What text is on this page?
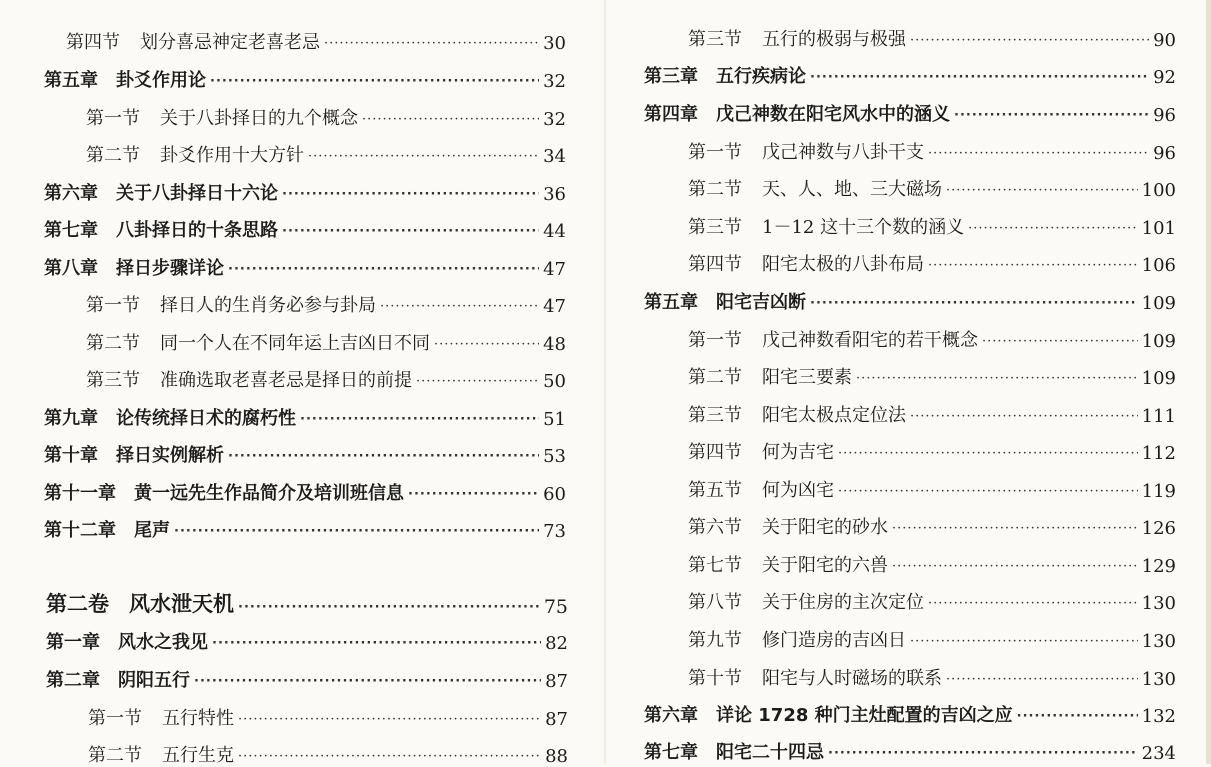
第四节 划分喜忌神定老喜老忌 ·····	30
第五章 卦爻作用论 ·····	32
第一节 关于八卦择日的九个概念 ·····	32
第二节 卦爻作用十大方针 ·····	34
第六章 关于八卦择日十六论 ·····	36
第七章 八卦择日的十条思路 ·····	44
第八章 择日步骤详论 ·····	47
第一节 择日人的生肖务必参与卦局 ·····	47
第二节 同一个人在不同年运上吉凶日不同 ·····	48
第三节 准确选取老喜老忌是择日的前提 ·····	50
第九章 论传统择日术的腐朽性 ·····	51
第十章 择日实例解析 ·····	53
第十一章 黄一远先生作品简介及培训班信息 ·····	60
第十二章 尾声 ·····	73
第二卷 风水泄天机 ·····	75
第一章 风水之我见 ·····	82
第二章 阴阳五行 ·····	87
第一节 五行特性 ·····	87
第二节 五行生克 ·····	88
第三节 五行的极弱与极强 ·····	90
第三章 五行疾病论 ·····	92
第四章 戊己神数在阳宅风水中的涵义 ·····	96
第一节 戊己神数与八卦干支 ·····	96
第二节 天、人、地、三大磁场 ·····	100
第三节 1－12 这十三个数的涵义 ·····	101
第四节 阳宅太极的八卦布局 ·····	106
第五章 阳宅吉凶断 ·····	109
第一节 戊己神数看阳宅的若干概念 ·····	109
第二节 阳宅三要素 ·····	109
第三节 阳宅太极点定位法 ·····	111
第四节 何为吉宅 ·····	112
第五节 何为凶宅 ·····	119
第六节 关于阳宅的砂水 ·····	126
第七节 关于阳宅的六兽 ·····	129
第八节 关于住房的主次定位 ·····	130
第九节 修门造房的吉凶日 ·····	130
第十节 阳宅与人时磁场的联系 ·····	130
第六章 详论 1728 种门主灶配置的吉凶之应 ·····	132
第七章 阳宅二十四忌 ·····	234
